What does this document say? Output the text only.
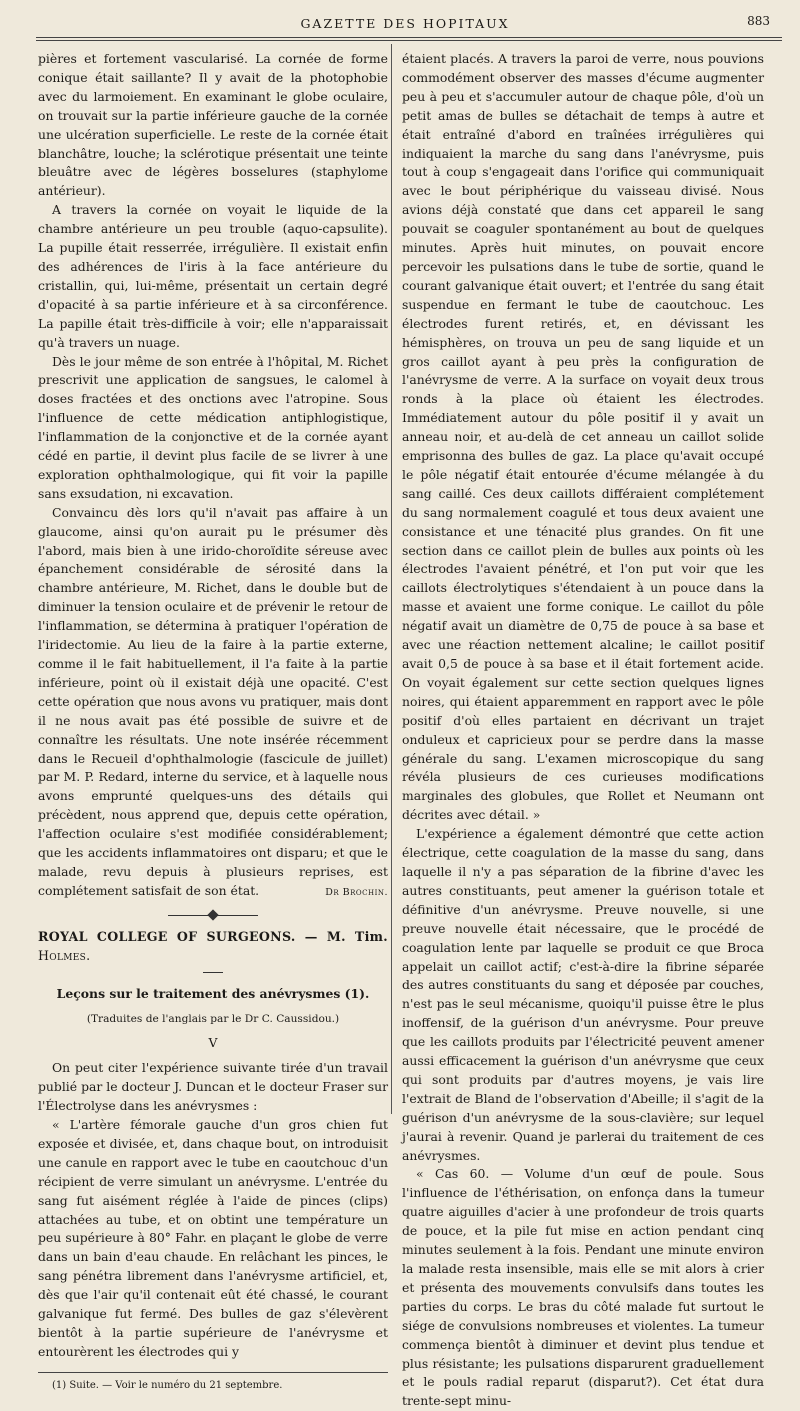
GAZETTE DES HOPITAUX	883

pières et fortement vascularisé. La cornée de forme conique était saillante? Il y avait de la photophobie avec du larmoiement. En examinant le globe oculaire, on trouvait sur la partie inférieure gauche de la cornée une ulcération superficielle. Le reste de la cornée était blanchâtre, louche; la sclérotique présentait une teinte bleuâtre avec de légères bosselures (staphylome antérieur).

A travers la cornée on voyait le liquide de la chambre antérieure un peu trouble (aquo-capsulite). La pupille était resserrée, irrégulière. Il existait enfin des adhérences de l'iris à la face antérieure du cristallin, qui, lui-même, présentait un certain degré d'opacité à sa partie inférieure et à sa circonférence. La papille était très-difficile à voir; elle n'apparaissait qu'à travers un nuage.

Dès le jour même de son entrée à l'hôpital, M. Richet prescrivit une application de sangsues, le calomel à doses fractées et des onctions avec l'atropine. Sous l'influence de cette médication antiphlogistique, l'inflammation de la conjonctive et de la cornée ayant cédé en partie, il devint plus facile de se livrer à une exploration ophthalmologique, qui fit voir la papille sans exsudation, ni excavation.

Convaincu dès lors qu'il n'avait pas affaire à un glaucome, ainsi qu'on aurait pu le présumer dès l'abord, mais bien à une irido-choroïdite séreuse avec épanchement considérable de sérosité dans la chambre antérieure, M. Richet, dans le double but de diminuer la tension oculaire et de prévenir le retour de l'inflammation, se détermina à pratiquer l'opération de l'iridectomie. Au lieu de la faire à la partie externe, comme il le fait habituellement, il l'a faite à la partie inférieure, point où il existait déjà une opacité. C'est cette opération que nous avons vu pratiquer, mais dont il ne nous avait pas été possible de suivre et de connaître les résultats. Une note insérée récemment dans le Recueil d'ophthalmologie (fascicule de juillet) par M. P. Redard, interne du service, et à laquelle nous avons emprunté quelques-uns des détails qui précèdent, nous apprend que, depuis cette opération, l'affection oculaire s'est modifiée considérablement; que les accidents inflammatoires ont disparu; et que le malade, revu depuis à plusieurs reprises, est complétement satisfait de son état.	Dr Brochin.

ROYAL COLLEGE OF SURGEONS. — M. Tim. Holmes.

Leçons sur le traitement des anévrysmes (1).

(Traduites de l'anglais par le Dr C. Caussidou.)

V

On peut citer l'expérience suivante tirée d'un travail publié par le docteur J. Duncan et le docteur Fraser sur l'Électrolyse dans les anévrysmes :

« L'artère fémorale gauche d'un gros chien fut exposée et divisée, et, dans chaque bout, on introduisit une canule en rapport avec le tube en caoutchouc d'un récipient de verre simulant un anévrysme. L'entrée du sang fut aisément réglée à l'aide de pinces (clips) attachées au tube, et on obtint une température un peu supérieure à 80° Fahr. en plaçant le globe de verre dans un bain d'eau chaude. En relâchant les pinces, le sang pénétra librement dans l'anévrysme artificiel, et, dès que l'air qu'il contenait eût été chassé, le courant galvanique fut fermé. Des bulles de gaz s'élevèrent bientôt à la partie supérieure de l'anévrysme et entourèrent les électrodes qui y

(1) Suite. — Voir le numéro du 21 septembre.

étaient placés. A travers la paroi de verre, nous pouvions commodément observer des masses d'écume augmenter peu à peu et s'accumuler autour de chaque pôle, d'où un petit amas de bulles se détachait de temps à autre et était entraîné d'abord en traînées irrégulières qui indiquaient la marche du sang dans l'anévrysme, puis tout à coup s'engageait dans l'orifice qui communiquait avec le bout périphérique du vaisseau divisé. Nous avions déjà constaté que dans cet appareil le sang pouvait se coaguler spontanément au bout de quelques minutes. Après huit minutes, on pouvait encore percevoir les pulsations dans le tube de sortie, quand le courant galvanique était ouvert; et l'entrée du sang était suspendue en fermant le tube de caoutchouc. Les électrodes furent retirés, et, en dévissant les hémisphères, on trouva un peu de sang liquide et un gros caillot ayant à peu près la configuration de l'anévrysme de verre. A la surface on voyait deux trous ronds à la place où étaient les électrodes. Immédiatement autour du pôle positif il y avait un anneau noir, et au-delà de cet anneau un caillot solide emprisonna des bulles de gaz. La place qu'avait occupé le pôle négatif était entourée d'écume mélangée à du sang caillé. Ces deux caillots différaient complétement du sang normalement coagulé et tous deux avaient une consistance et une ténacité plus grandes. On fit une section dans ce caillot plein de bulles aux points où les électrodes l'avaient pénétré, et l'on put voir que les caillots électrolytiques s'étendaient à un pouce dans la masse et avaient une forme conique. Le caillot du pôle négatif avait un diamètre de 0,75 de pouce à sa base et avec une réaction nettement alcaline; le caillot positif avait 0,5 de pouce à sa base et il était fortement acide. On voyait également sur cette section quelques lignes noires, qui étaient apparemment en rapport avec le pôle positif d'où elles partaient en décrivant un trajet onduleux et capricieux pour se perdre dans la masse générale du sang. L'examen microscopique du sang révéla plusieurs de ces curieuses modifications marginales des globules, que Rollet et Neumann ont décrites avec détail. »

L'expérience a également démontré que cette action électrique, cette coagulation de la masse du sang, dans laquelle il n'y a pas séparation de la fibrine d'avec les autres constituants, peut amener la guérison totale et définitive d'un anévrysme. Preuve nouvelle, si une preuve nouvelle était nécessaire, que le procédé de coagulation lente par laquelle se produit ce que Broca appelait un caillot actif; c'est-à-dire la fibrine séparée des autres constituants du sang et déposée par couches, n'est pas le seul mécanisme, quoiqu'il puisse être le plus inoffensif, de la guérison d'un anévrysme. Pour preuve que les caillots produits par l'électricité peuvent amener aussi efficacement la guérison d'un anévrysme que ceux qui sont produits par d'autres moyens, je vais lire l'extrait de Bland de l'observation d'Abeille; il s'agit de la guérison d'un anévrysme de la sous-clavière; sur lequel j'aurai à revenir. Quand je parlerai du traitement de ces anévrysmes.

« Cas 60. — Volume d'un œuf de poule. Sous l'influence de l'éthérisation, on enfonça dans la tumeur quatre aiguilles d'acier à une profondeur de trois quarts de pouce, et la pile fut mise en action pendant cinq minutes seulement à la fois. Pendant une minute environ la malade resta insensible, mais elle se mit alors à crier et présenta des mouvements convulsifs dans toutes les parties du corps. Le bras du côté malade fut surtout le siége de convulsions nombreuses et violentes. La tumeur commença bientôt à diminuer et devint plus tendue et plus résistante; les pulsations disparurent graduellement et le pouls radial reparut (disparut?). Cet état dura trente-sept minu-
